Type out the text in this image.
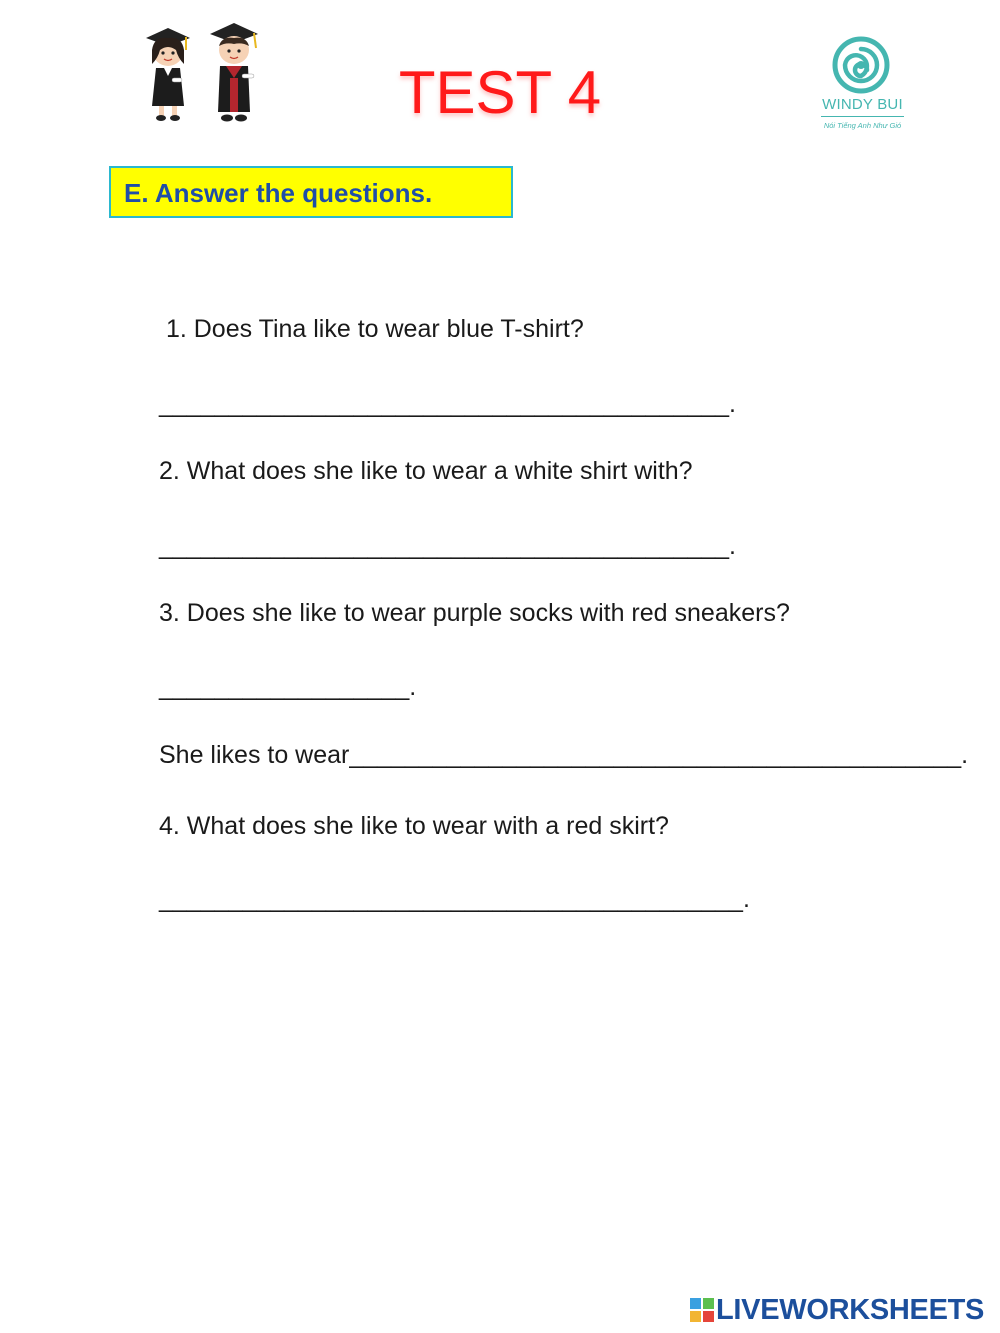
TEST 4	WINDY BUI
Nói Tiếng Anh Như Gió
E. Answer the questions.
1. Does Tina like to wear blue T-shirt?
_________________________________________.
2. What does she like to wear a white shirt with?
_________________________________________.
3. Does she like to wear purple socks with red sneakers?
__________________.
She likes to wear____________________________________________.
4. What does she like to wear with a red skirt?
__________________________________________.
LIVEWORKSHEETS
